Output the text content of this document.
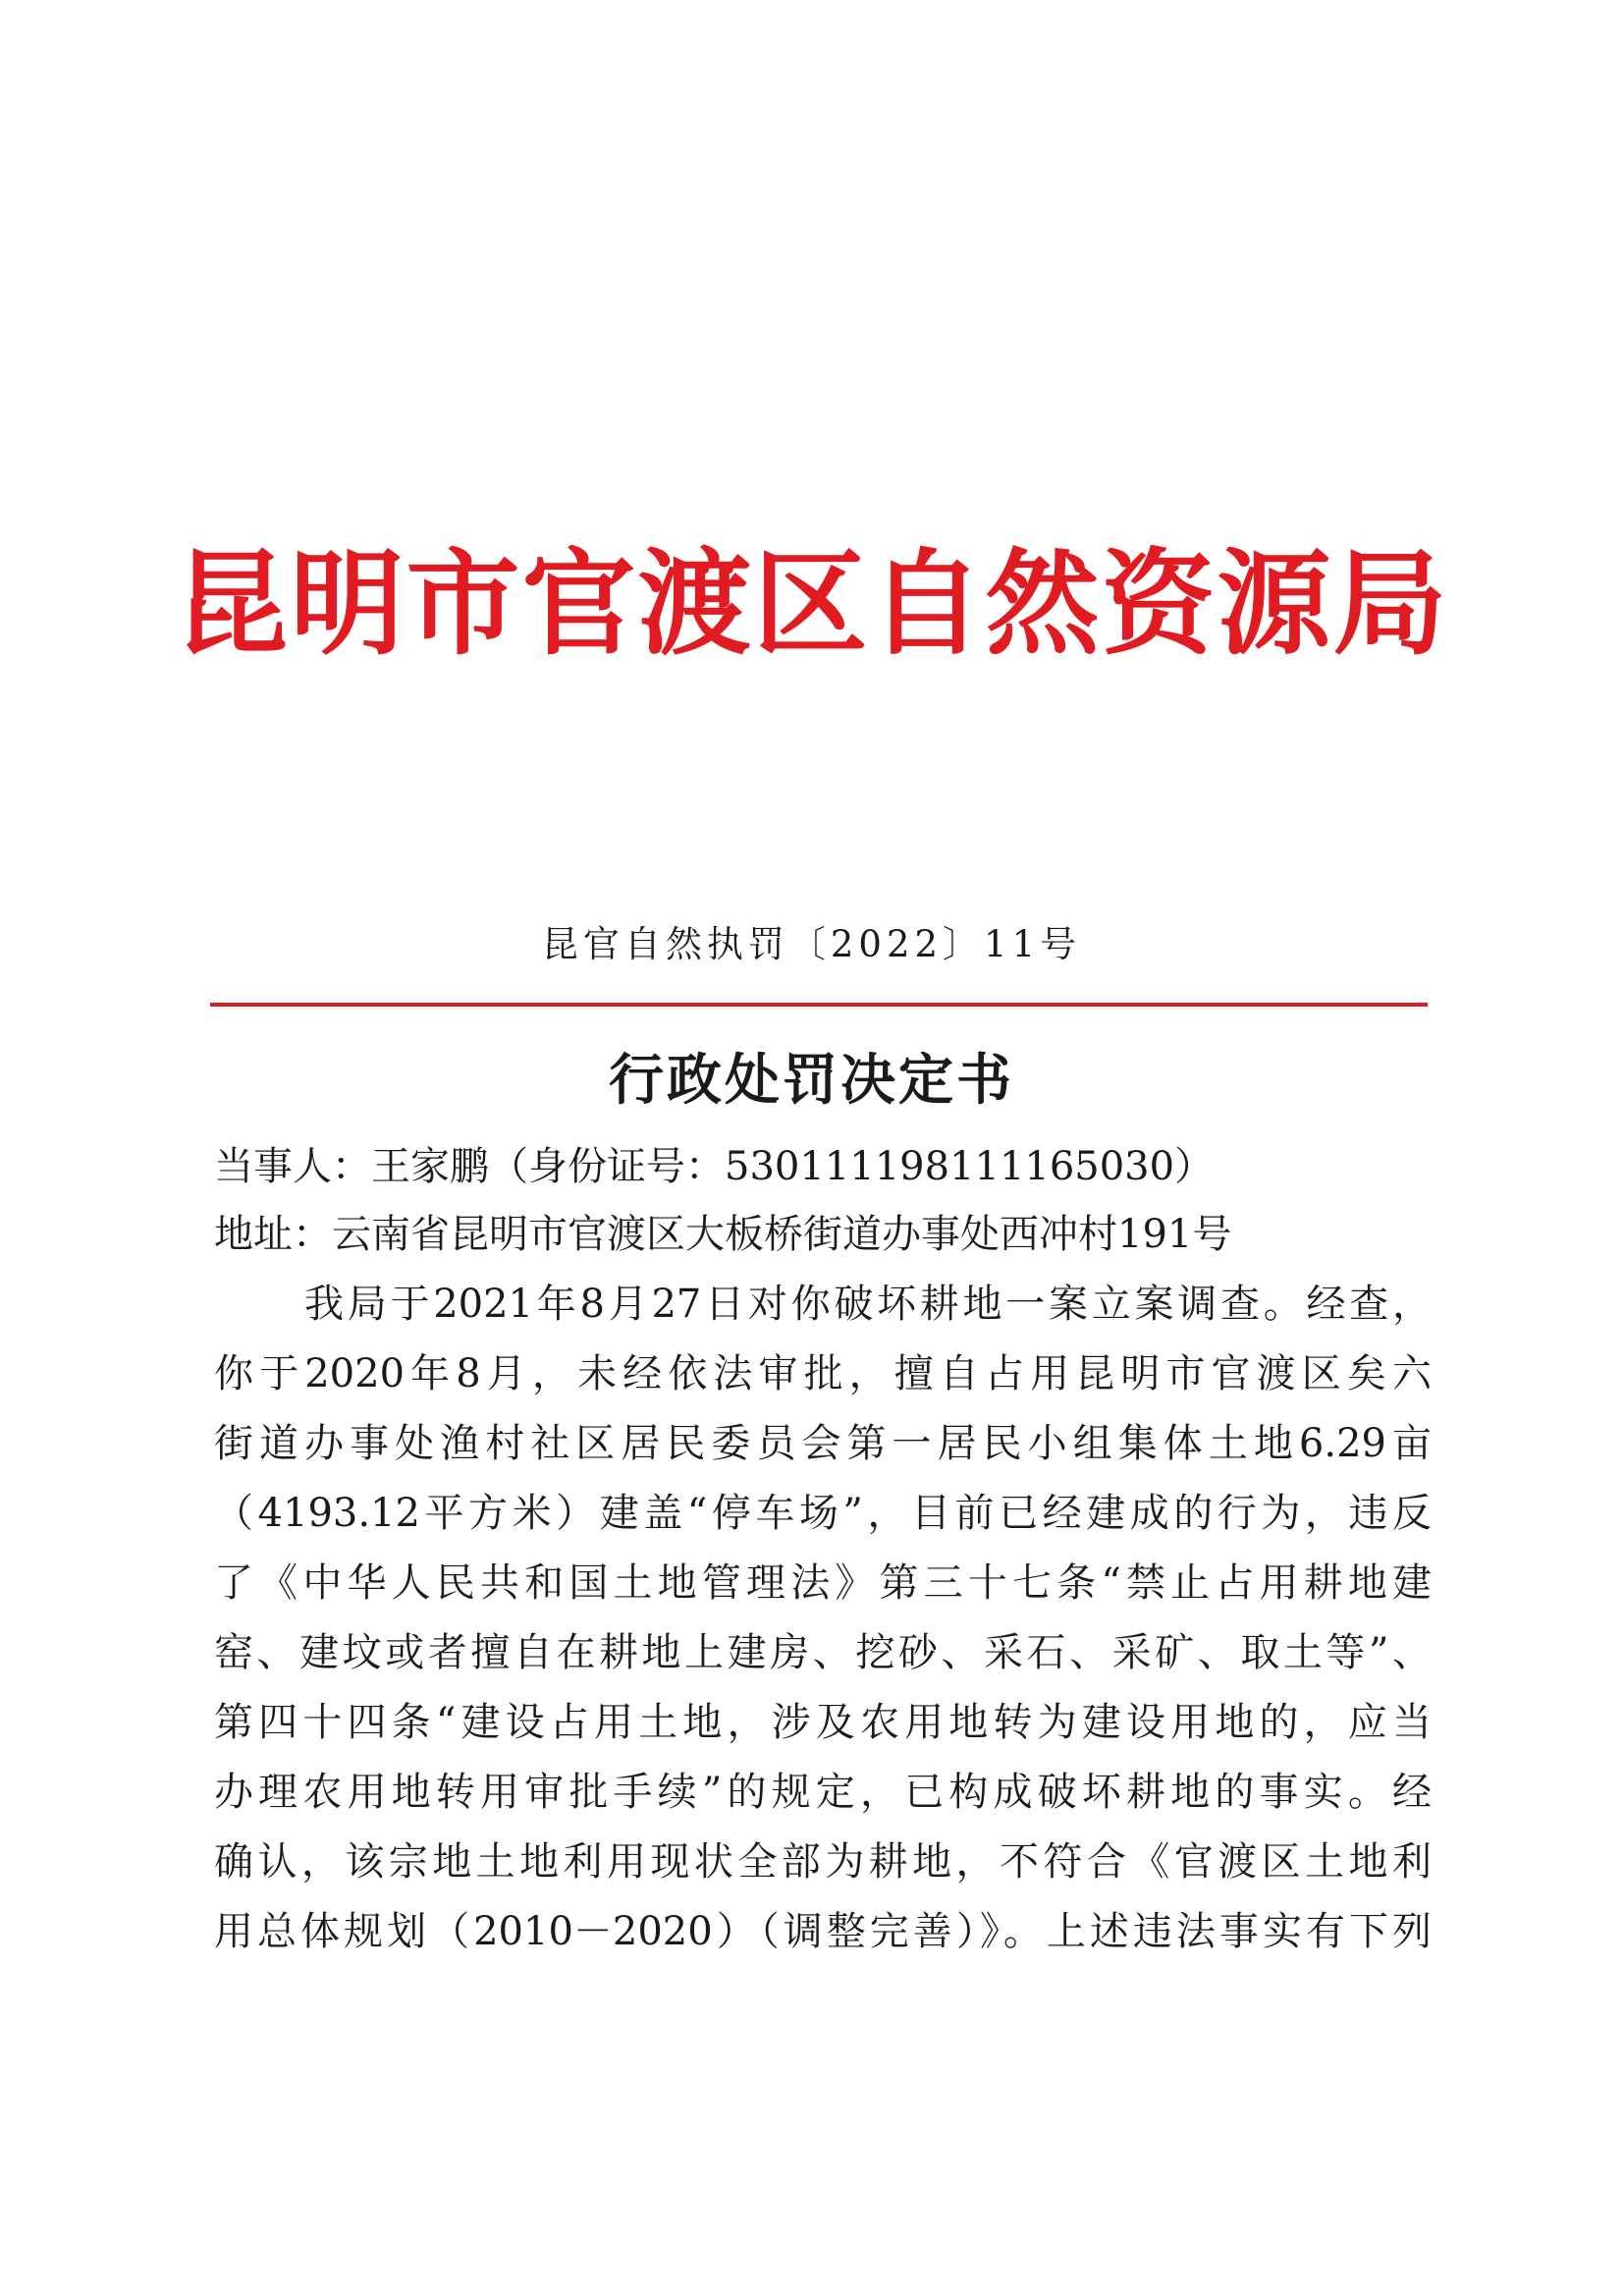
昆明市官渡区自然资源局
昆官自然执罚〔2022〕11号
行政处罚决定书
当事人：王家鹏（身份证号：530111198111165030）
地址：云南省昆明市官渡区大板桥街道办事处西冲村191号
我局于2021年8月27日对你破坏耕地一案立案调查。经查，
你于2020年8月，未经依法审批，擅自占用昆明市官渡区矣六
街道办事处渔村社区居民委员会第一居民小组集体土地6.29亩
（4193.12平方米）建盖“停车场”，目前已经建成的行为，违反
了《中华人民共和国土地管理法》第三十七条“禁止占用耕地建
窑、建坟或者擅自在耕地上建房、挖砂、采石、采矿、取土等”、
第四十四条“建设占用土地，涉及农用地转为建设用地的，应当
办理农用地转用审批手续”的规定，已构成破坏耕地的事实。经
确认，该宗地土地利用现状全部为耕地，不符合《官渡区土地利
用总体规划（2010－2020）（调整完善）》。上述违法事实有下列
